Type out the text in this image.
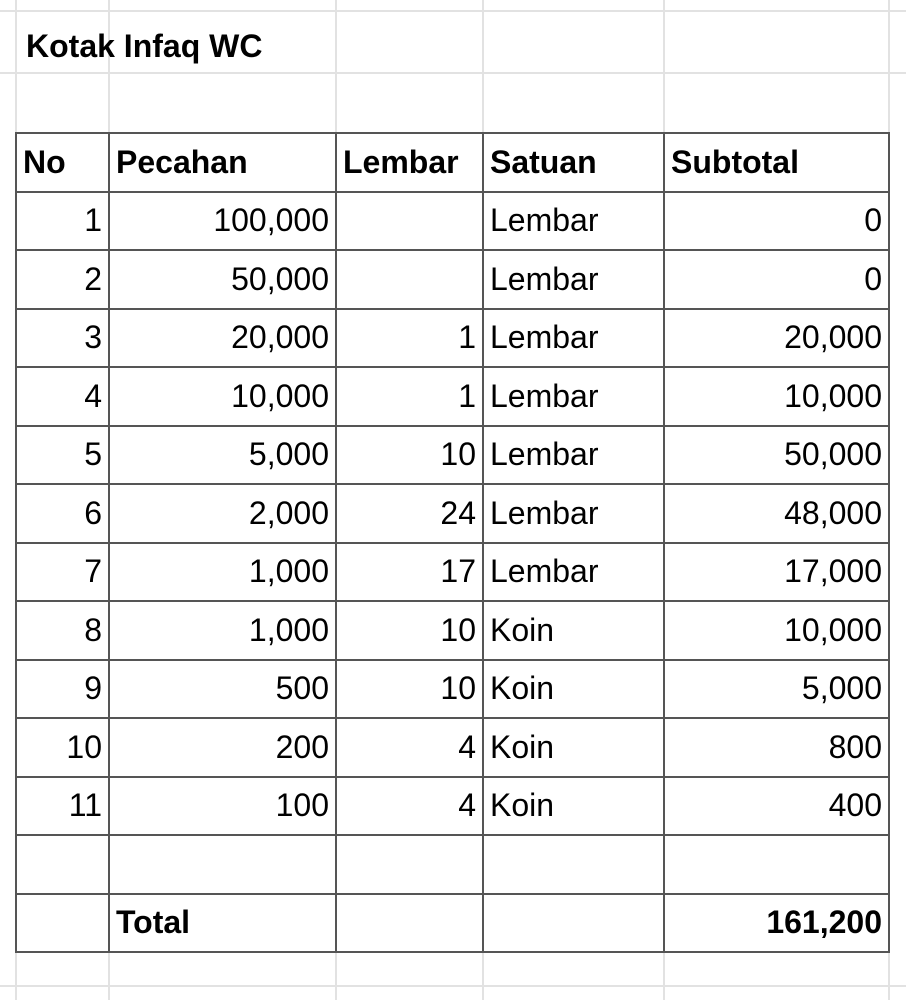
Kotak Infaq WC
No	Pecahan	Lembar	Satuan	Subtotal
1	100,000		Lembar	0
2	50,000		Lembar	0
3	20,000	1	Lembar	20,000
4	10,000	1	Lembar	10,000
5	5,000	10	Lembar	50,000
6	2,000	24	Lembar	48,000
7	1,000	17	Lembar	17,000
8	1,000	10	Koin	10,000
9	500	10	Koin	5,000
10	200	4	Koin	800
11	100	4	Koin	400

	Total			161,200
